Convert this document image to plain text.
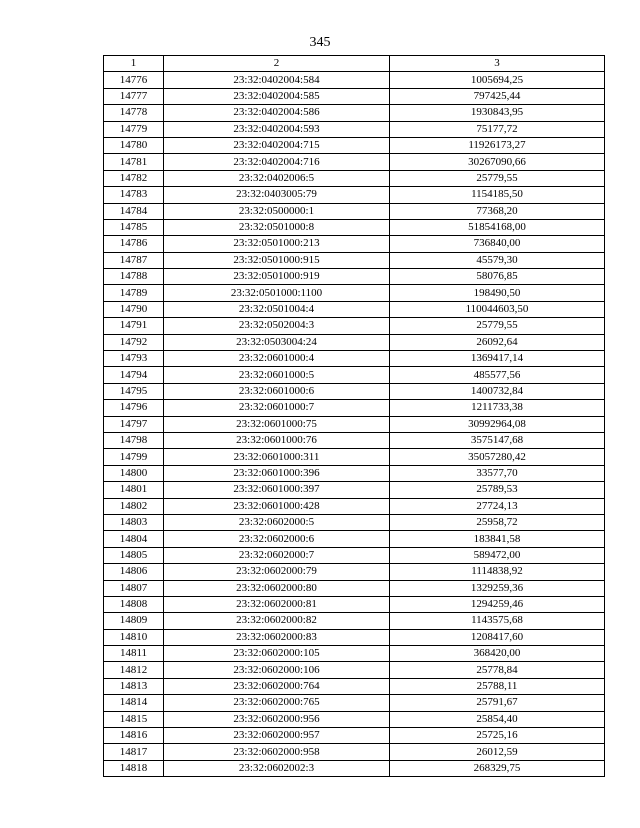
345
1	2	3
14776	23:32:0402004:584	1005694,25
14777	23:32:0402004:585	797425,44
14778	23:32:0402004:586	1930843,95
14779	23:32:0402004:593	75177,72
14780	23:32:0402004:715	11926173,27
14781	23:32:0402004:716	30267090,66
14782	23:32:0402006:5	25779,55
14783	23:32:0403005:79	1154185,50
14784	23:32:0500000:1	77368,20
14785	23:32:0501000:8	51854168,00
14786	23:32:0501000:213	736840,00
14787	23:32:0501000:915	45579,30
14788	23:32:0501000:919	58076,85
14789	23:32:0501000:1100	198490,50
14790	23:32:0501004:4	110044603,50
14791	23:32:0502004:3	25779,55
14792	23:32:0503004:24	26092,64
14793	23:32:0601000:4	1369417,14
14794	23:32:0601000:5	485577,56
14795	23:32:0601000:6	1400732,84
14796	23:32:0601000:7	1211733,38
14797	23:32:0601000:75	30992964,08
14798	23:32:0601000:76	3575147,68
14799	23:32:0601000:311	35057280,42
14800	23:32:0601000:396	33577,70
14801	23:32:0601000:397	25789,53
14802	23:32:0601000:428	27724,13
14803	23:32:0602000:5	25958,72
14804	23:32:0602000:6	183841,58
14805	23:32:0602000:7	589472,00
14806	23:32:0602000:79	1114838,92
14807	23:32:0602000:80	1329259,36
14808	23:32:0602000:81	1294259,46
14809	23:32:0602000:82	1143575,68
14810	23:32:0602000:83	1208417,60
14811	23:32:0602000:105	368420,00
14812	23:32:0602000:106	25778,84
14813	23:32:0602000:764	25788,11
14814	23:32:0602000:765	25791,67
14815	23:32:0602000:956	25854,40
14816	23:32:0602000:957	25725,16
14817	23:32:0602000:958	26012,59
14818	23:32:0602002:3	268329,75
